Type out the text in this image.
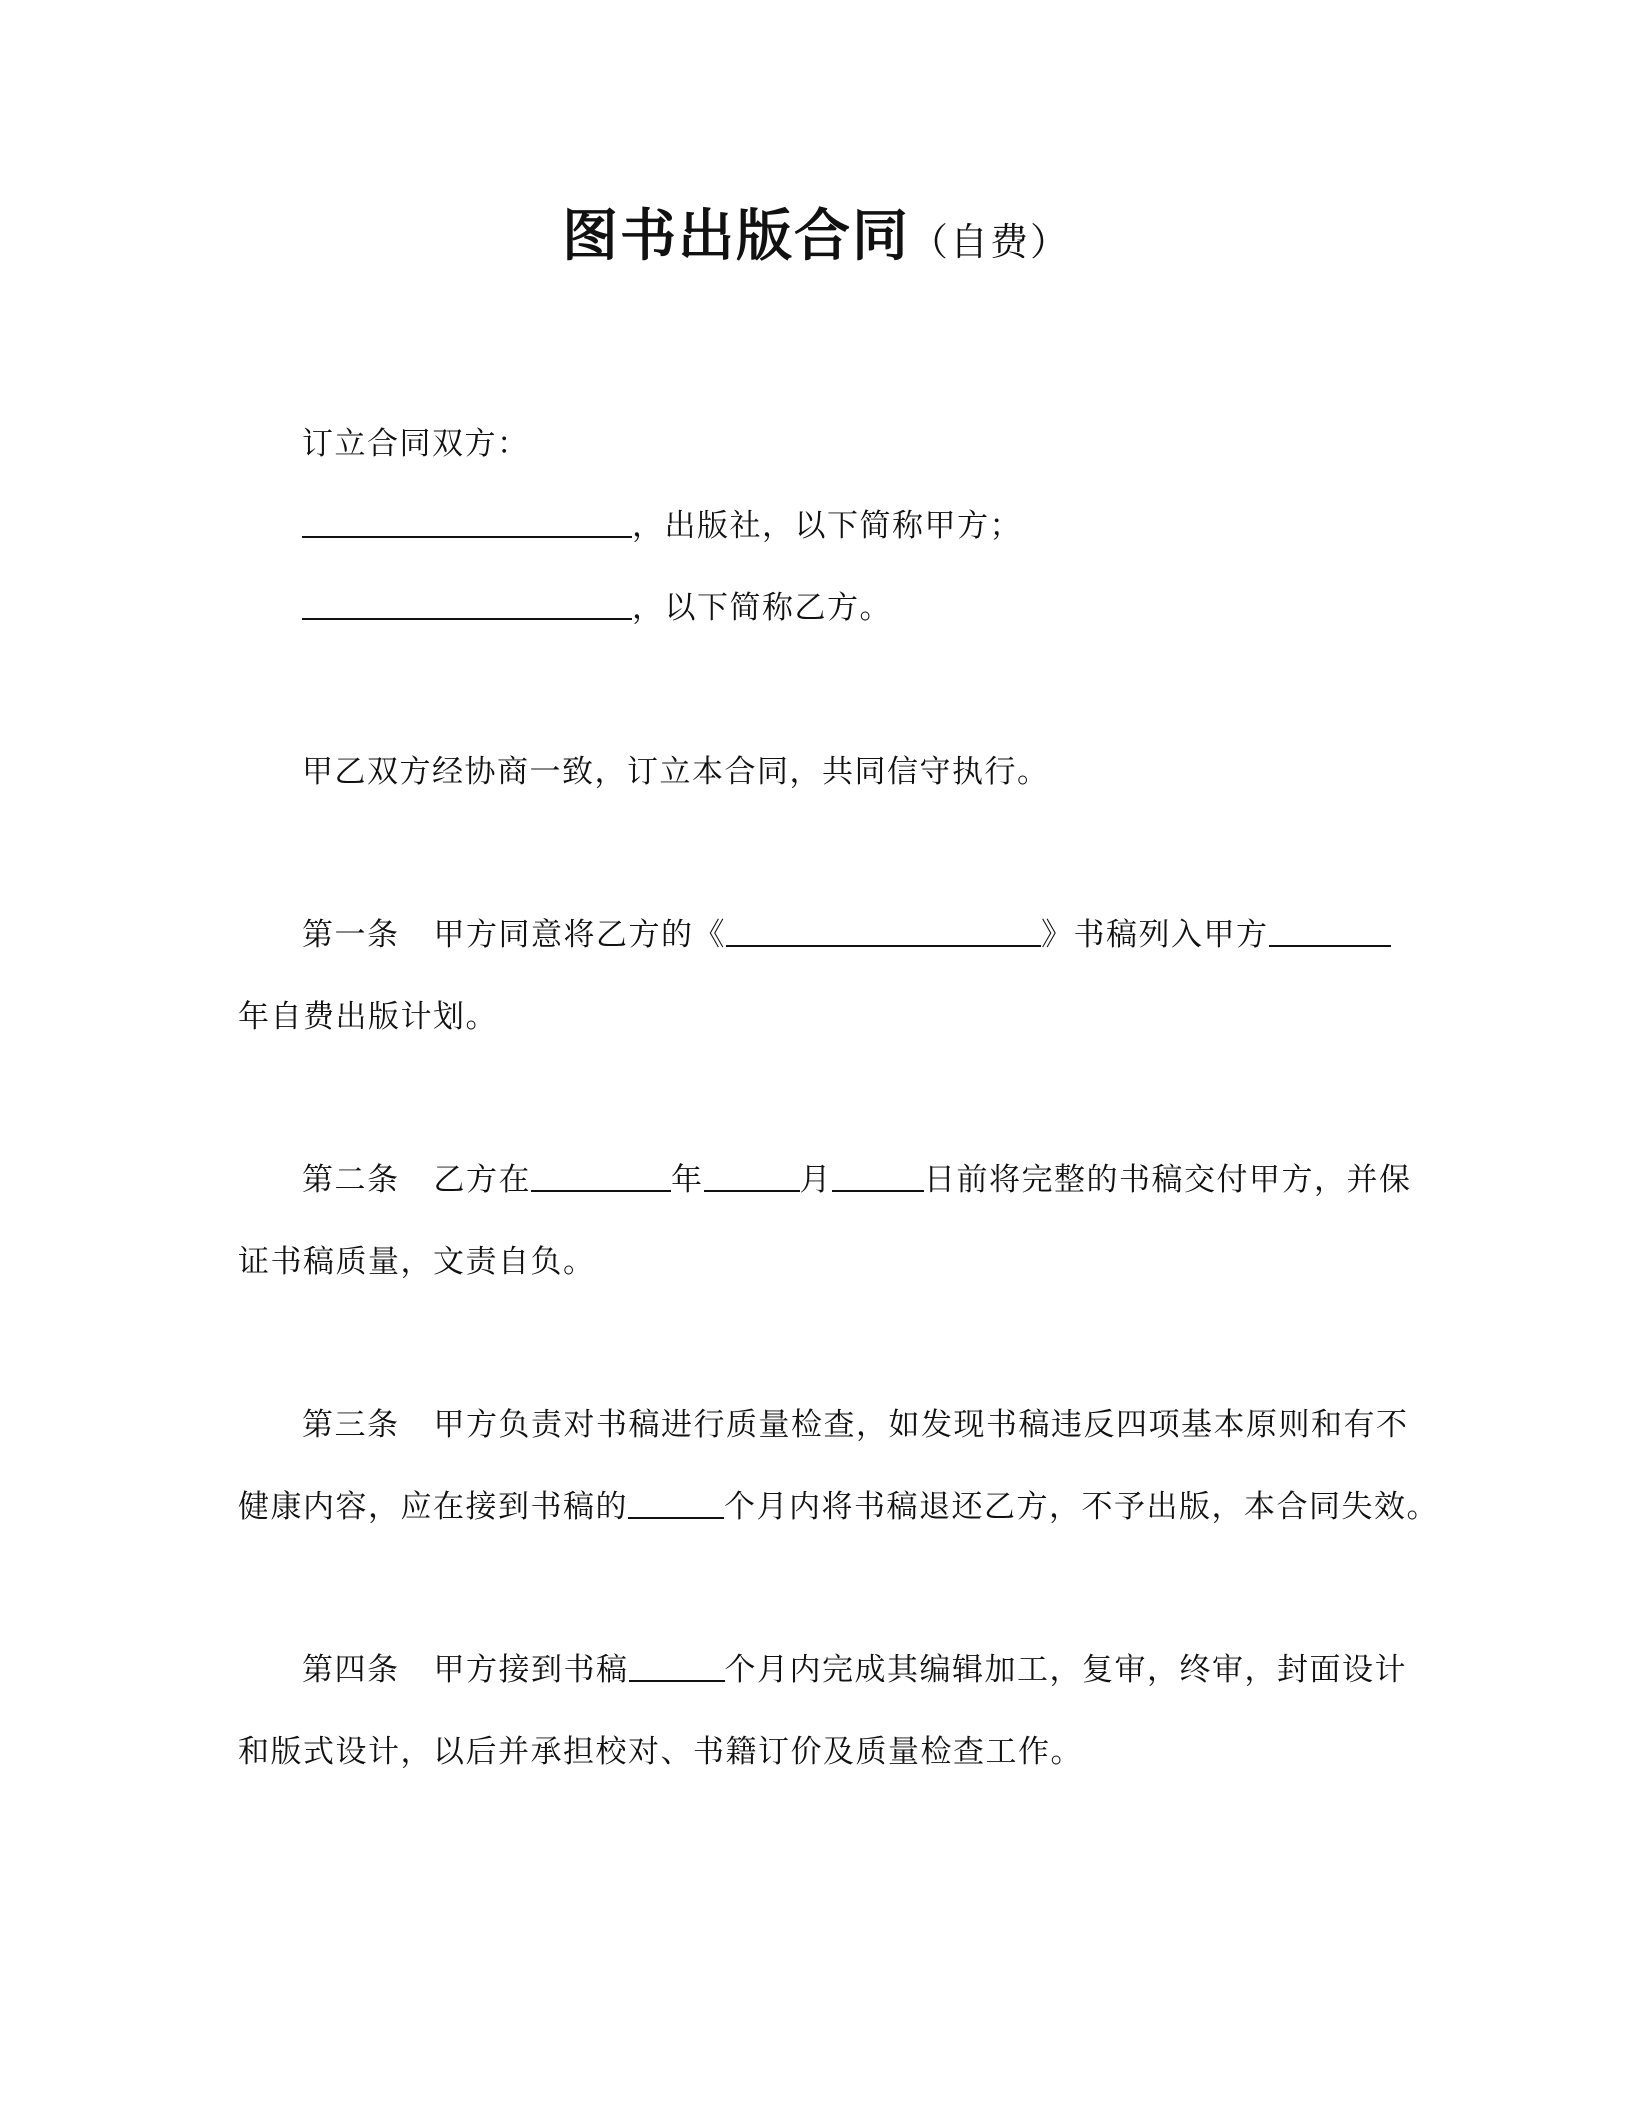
图书出版合同（自费）
订立合同双方：
，出版社，以下简称甲方；
，以下简称乙方。
甲乙双方经协商一致，订立本合同，共同信守执行。
第一条 甲方同意将乙方的《	》书稿列入甲方
年自费出版计划。
第二条 乙方在	年	月	日前将完整的书稿交付甲方，并保
证书稿质量，文责自负。
第三条 甲方负责对书稿进行质量检查，如发现书稿违反四项基本原则和有不
健康内容，应在接到书稿的	个月内将书稿退还乙方，不予出版，本合同失效。
第四条 甲方接到书稿	个月内完成其编辑加工，复审，终审，封面设计
和版式设计，以后并承担校对、书籍订价及质量检查工作。
